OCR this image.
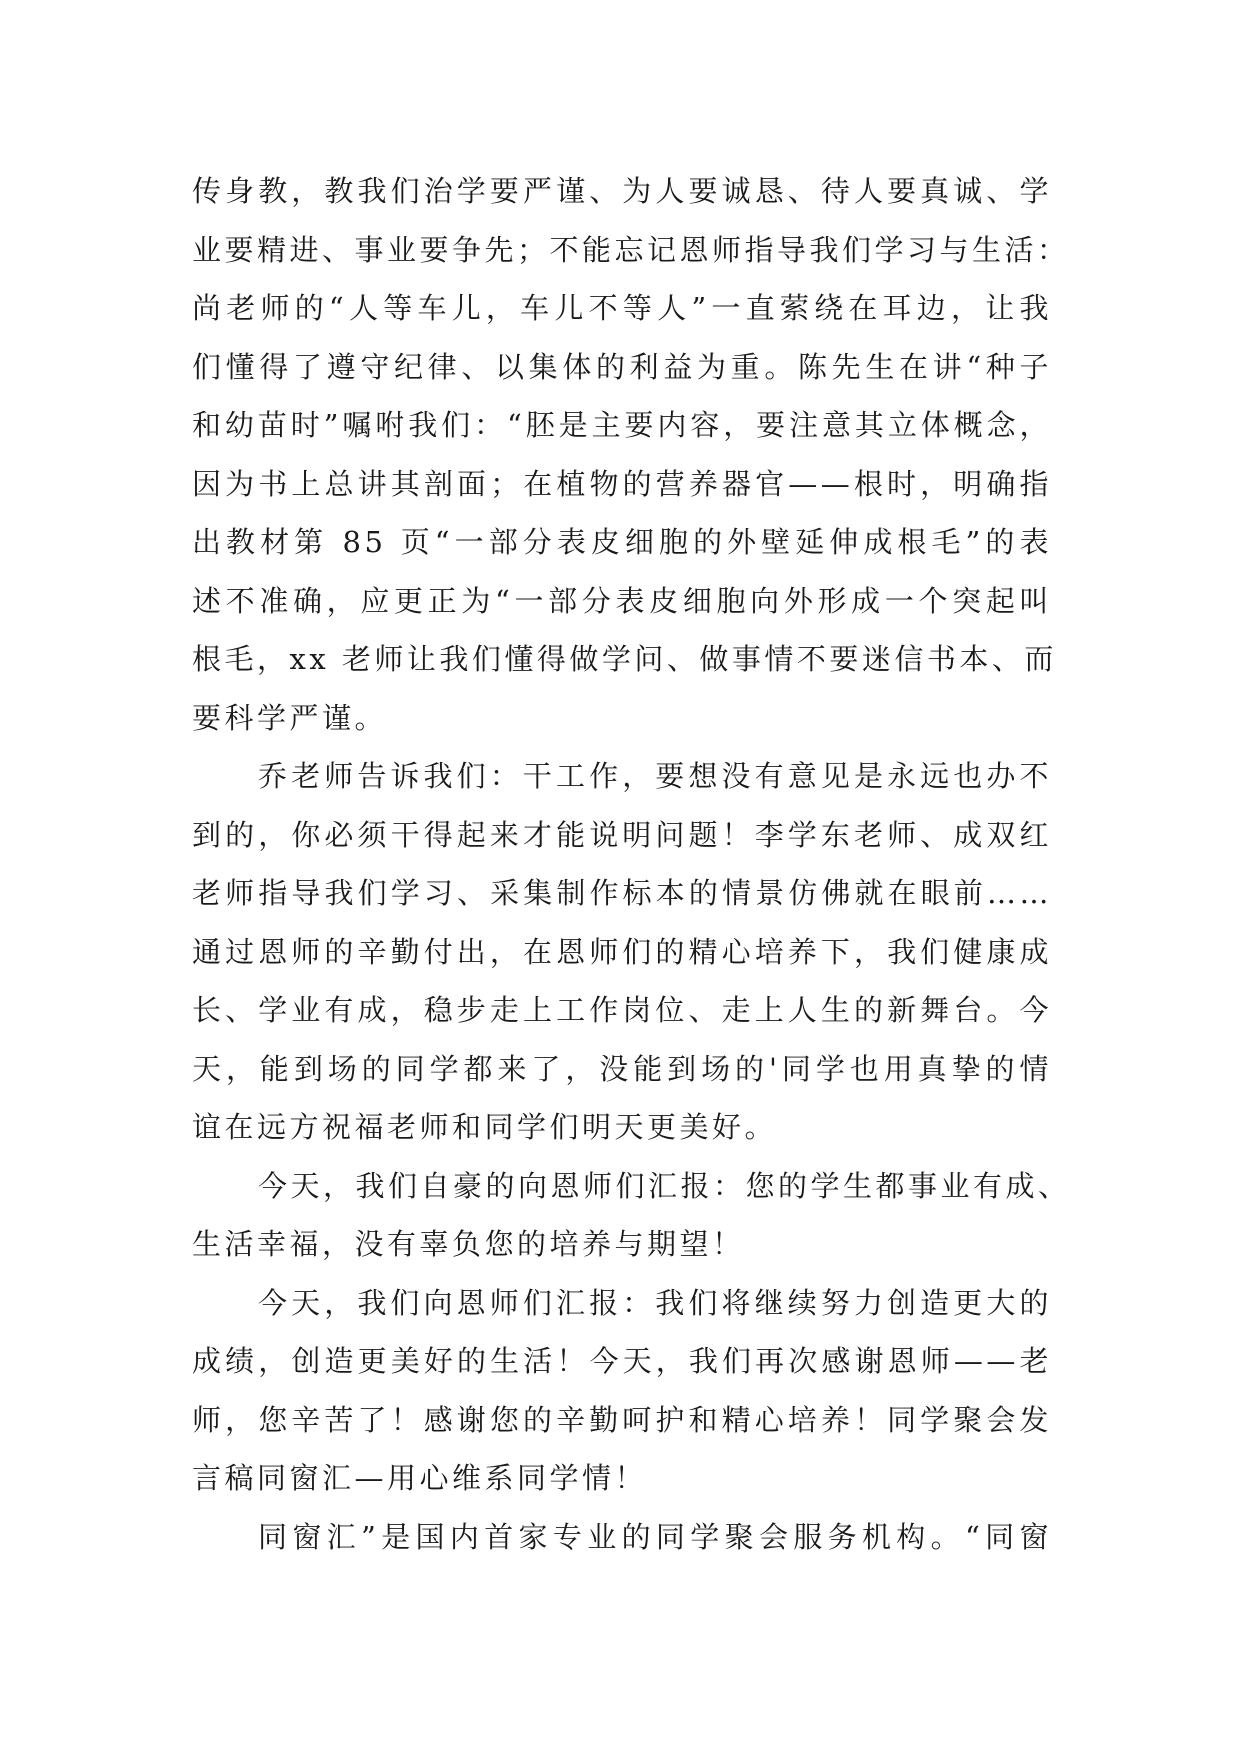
传身教，教我们治学要严谨、为人要诚恳、待人要真诚、学
业要精进、事业要争先；不能忘记恩师指导我们学习与生活：
尚老师的“人等车儿，车儿不等人”一直萦绕在耳边，让我
们懂得了遵守纪律、以集体的利益为重。陈先生在讲“种子
和幼苗时”嘱咐我们：“胚是主要内容，要注意其立体概念，
因为书上总讲其剖面；在植物的营养器官——根时，明确指
出教材第 85 页“一部分表皮细胞的外壁延伸成根毛”的表
述不准确，应更正为“一部分表皮细胞向外形成一个突起叫
根毛，xx 老师让我们懂得做学问、做事情不要迷信书本、而
要科学严谨。
乔老师告诉我们：干工作，要想没有意见是永远也办不
到的，你必须干得起来才能说明问题！李学东老师、成双红
老师指导我们学习、采集制作标本的情景仿佛就在眼前……
通过恩师的辛勤付出，在恩师们的精心培养下，我们健康成
长、学业有成，稳步走上工作岗位、走上人生的新舞台。今
天，能到场的同学都来了，没能到场的'同学也用真挚的情
谊在远方祝福老师和同学们明天更美好。
今天，我们自豪的向恩师们汇报：您的学生都事业有成、
生活幸福，没有辜负您的培养与期望！
今天，我们向恩师们汇报：我们将继续努力创造更大的
成绩，创造更美好的生活！今天，我们再次感谢恩师——老
师，您辛苦了！感谢您的辛勤呵护和精心培养！同学聚会发
言稿同窗汇—用心维系同学情！
同窗汇”是国内首家专业的同学聚会服务机构。“同窗
